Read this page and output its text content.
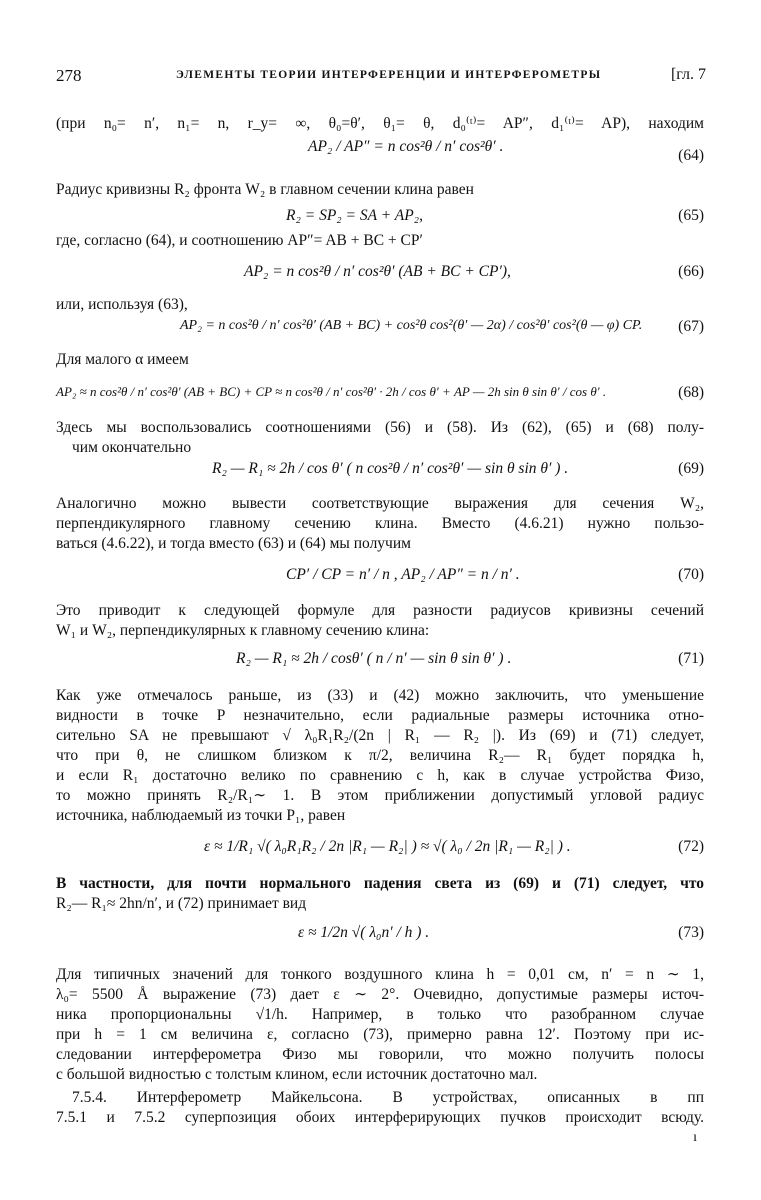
278	ЭЛЕМЕНТЫ ТЕОРИИ ИНТЕРФЕРЕНЦИИ И ИНТЕРФЕРОМЕТРЫ	[гл. 7
(при n₀= n′, n₁= n, r_y= ∞, θ₀=θ′, θ₁= θ, d₀⁽ᵗ⁾= AP″, d₁⁽ᵗ⁾= AP), находим
AP₂ / AP″ = n cos²θ / n′ cos²θ′ .
(64)
Радиус кривизны R₂ фронта W₂ в главном сечении клина равен
R₂ = SP₂ = SA + AP₂,	(65)
где, согласно (64), и соотношению AP″= AB + BC + CP′
AP₂ = n cos²θ / n′ cos²θ′ (AB + BC + CP′),	(66)
или, используя (63),
AP₂ = n cos²θ / n′ cos²θ′ (AB + BC) + cos²θ cos²(θ′ — 2α) / cos²θ′ cos²(θ — φ) CP. (67)
Для малого α имеем
AP₂ ≈ n cos²θ / n′ cos²θ′ (AB + BC) + CP ≈ n cos²θ / n′ cos²θ′ · 2h / cos θ′ + AP — 2h sin θ sin θ′ / cos θ′ .	(68)
Здесь мы воспользовались соотношениями (56) и (58). Из (62), (65) и (68) полу-
чим окончательно
R₂ — R₁ ≈ 2h / cos θ′ ( n cos²θ / n′ cos²θ′ — sin θ sin θ′ ) .	(69)
Аналогично можно вывести соответствующие выражения для сечения W₂,
перпендикулярного главному сечению клина. Вместо (4.6.21) нужно пользо-
ваться (4.6.22), и тогда вместо (63) и (64) мы получим
CP′ / CP = n′ / n , AP₂ / AP″ = n / n′ .	(70)
Это приводит к следующей формуле для разности радиусов кривизны сечений
W₁ и W₂, перпендикулярных к главному сечению клина:
R₂ — R₁ ≈ 2h / cosθ′ ( n / n′ — sin θ sin θ′ ) .	(71)
Как уже отмечалось раньше, из (33) и (42) можно заключить, что уменьшение
видности в точке P незначительно, если радиальные размеры источника отно-
сительно SA не превышают √ λ₀R₁R₂/(2n | R₁ — R₂ |). Из (69) и (71) следует,
что при θ, не слишком близком к π/2, величина R₂— R₁ будет порядка h,
и если R₁ достаточно велико по сравнению с h, как в случае устройства Физо,
то можно принять R₂/R₁∼ 1. В этом приближении допустимый угловой радиус
источника, наблюдаемый из точки P₁, равен
ε ≈ 1/R₁ √( λ₀R₁R₂ / 2n |R₁ — R₂| ) ≈ √( λ₀ / 2n |R₁ — R₂| ) .	(72)
В частности, для почти нормального падения света из (69) и (71) следует, что
R₂— R₁≈ 2hn/n′, и (72) принимает вид
ε ≈ 1/2n √( λ₀n′ / h ) .	(73)
Для типичных значений для тонкого воздушного клина h = 0,01 см, n′ = n ∼ 1,
λ₀= 5500 Å выражение (73) дает ε ∼ 2°. Очевидно, допустимые размеры источ-
ника пропорциональны √1/h. Например, в только что разобранном случае
при h = 1 см величина ε, согласно (73), примерно равна 12′. Поэтому при ис-
следовании интерферометра Физо мы говорили, что можно получить полосы
с большой видностью с толстым клином, если источник достаточно мал.
7.5.4. Интерферометр Майкельсона. В устройствах, описанных в пп
7.5.1 и 7.5.2 суперпозиция обоих интерферирующих пучков происходит всюду.
ı
